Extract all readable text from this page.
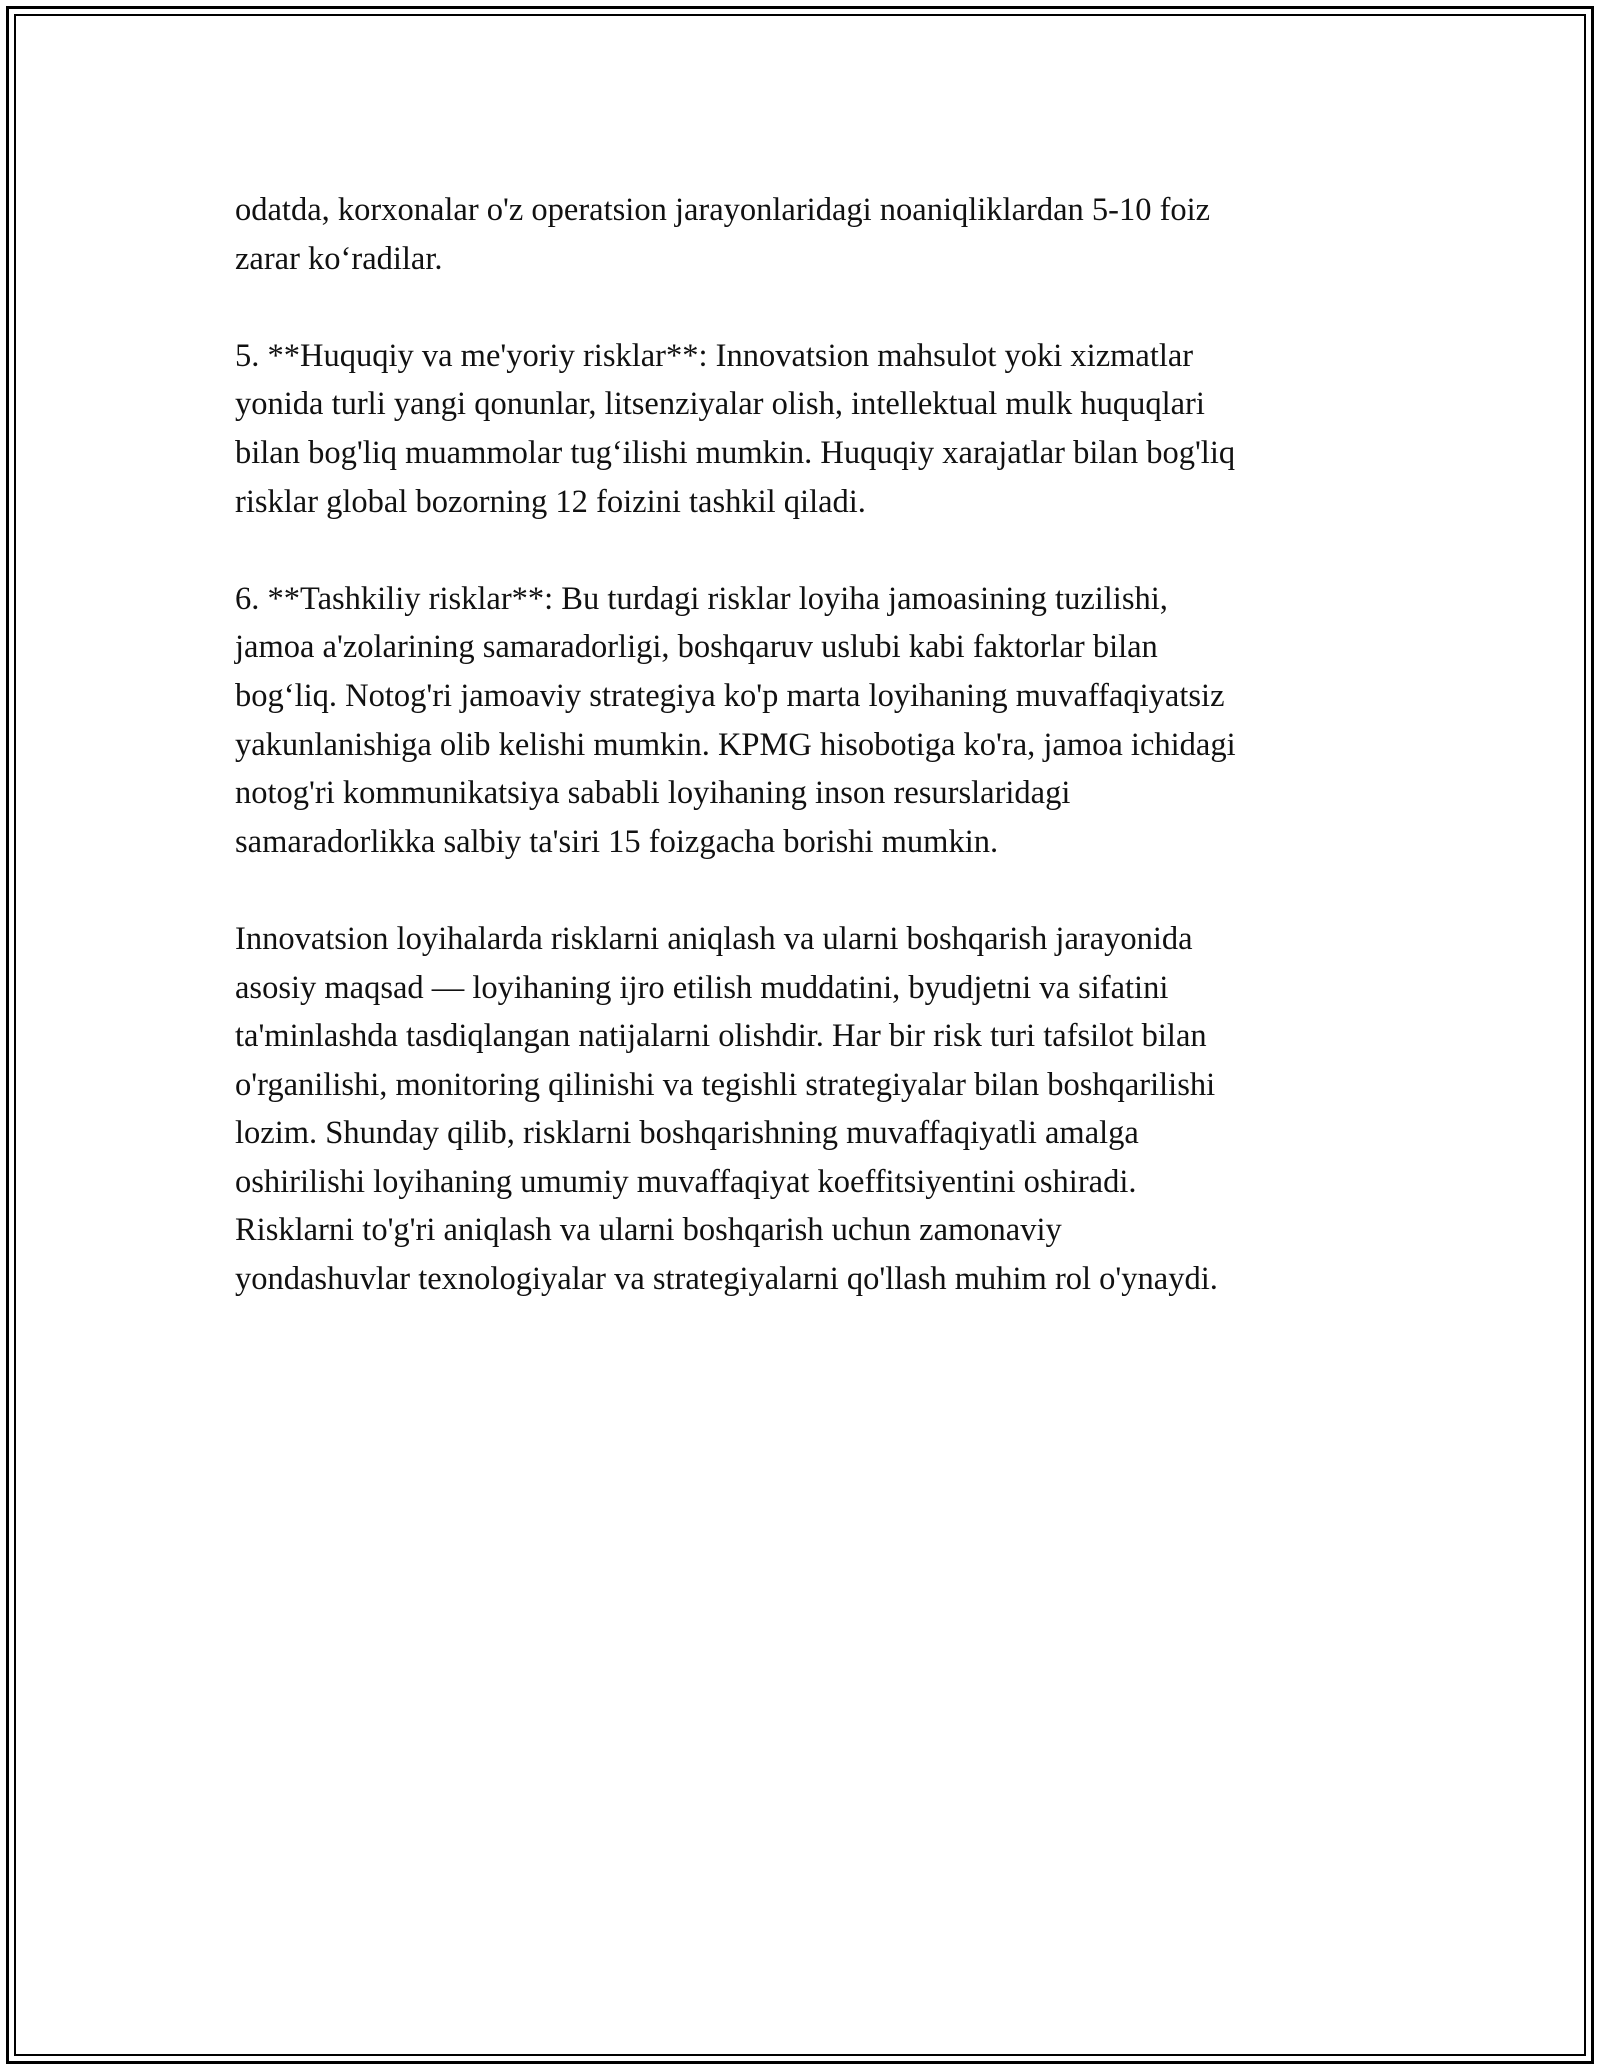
odatda, korxonalar o'z operatsion jarayonlaridagi noaniqliklardan 5-10 foiz
zarar ko‘radilar.

5. **Huquqiy va me'yoriy risklar**: Innovatsion mahsulot yoki xizmatlar
yonida turli yangi qonunlar, litsenziyalar olish, intellektual mulk huquqlari
bilan bog'liq muammolar tug‘ilishi mumkin. Huquqiy xarajatlar bilan bog'liq
risklar global bozorning 12 foizini tashkil qiladi.

6. **Tashkiliy risklar**: Bu turdagi risklar loyiha jamoasining tuzilishi,
jamoa a'zolarining samaradorligi, boshqaruv uslubi kabi faktorlar bilan
bog‘liq. Notog'ri jamoaviy strategiya ko'p marta loyihaning muvaffaqiyatsiz
yakunlanishiga olib kelishi mumkin. KPMG hisobotiga ko'ra, jamoa ichidagi
notog'ri kommunikatsiya sababli loyihaning inson resurslaridagi
samaradorlikka salbiy ta'siri 15 foizgacha borishi mumkin.

Innovatsion loyihalarda risklarni aniqlash va ularni boshqarish jarayonida
asosiy maqsad — loyihaning ijro etilish muddatini, byudjetni va sifatini
ta'minlashda tasdiqlangan natijalarni olishdir. Har bir risk turi tafsilot bilan
o'rganilishi, monitoring qilinishi va tegishli strategiyalar bilan boshqarilishi
lozim. Shunday qilib, risklarni boshqarishning muvaffaqiyatli amalga
oshirilishi loyihaning umumiy muvaffaqiyat koeffitsiyentini oshiradi.
Risklarni to'g'ri aniqlash va ularni boshqarish uchun zamonaviy
yondashuvlar texnologiyalar va strategiyalarni qo'llash muhim rol o'ynaydi.
